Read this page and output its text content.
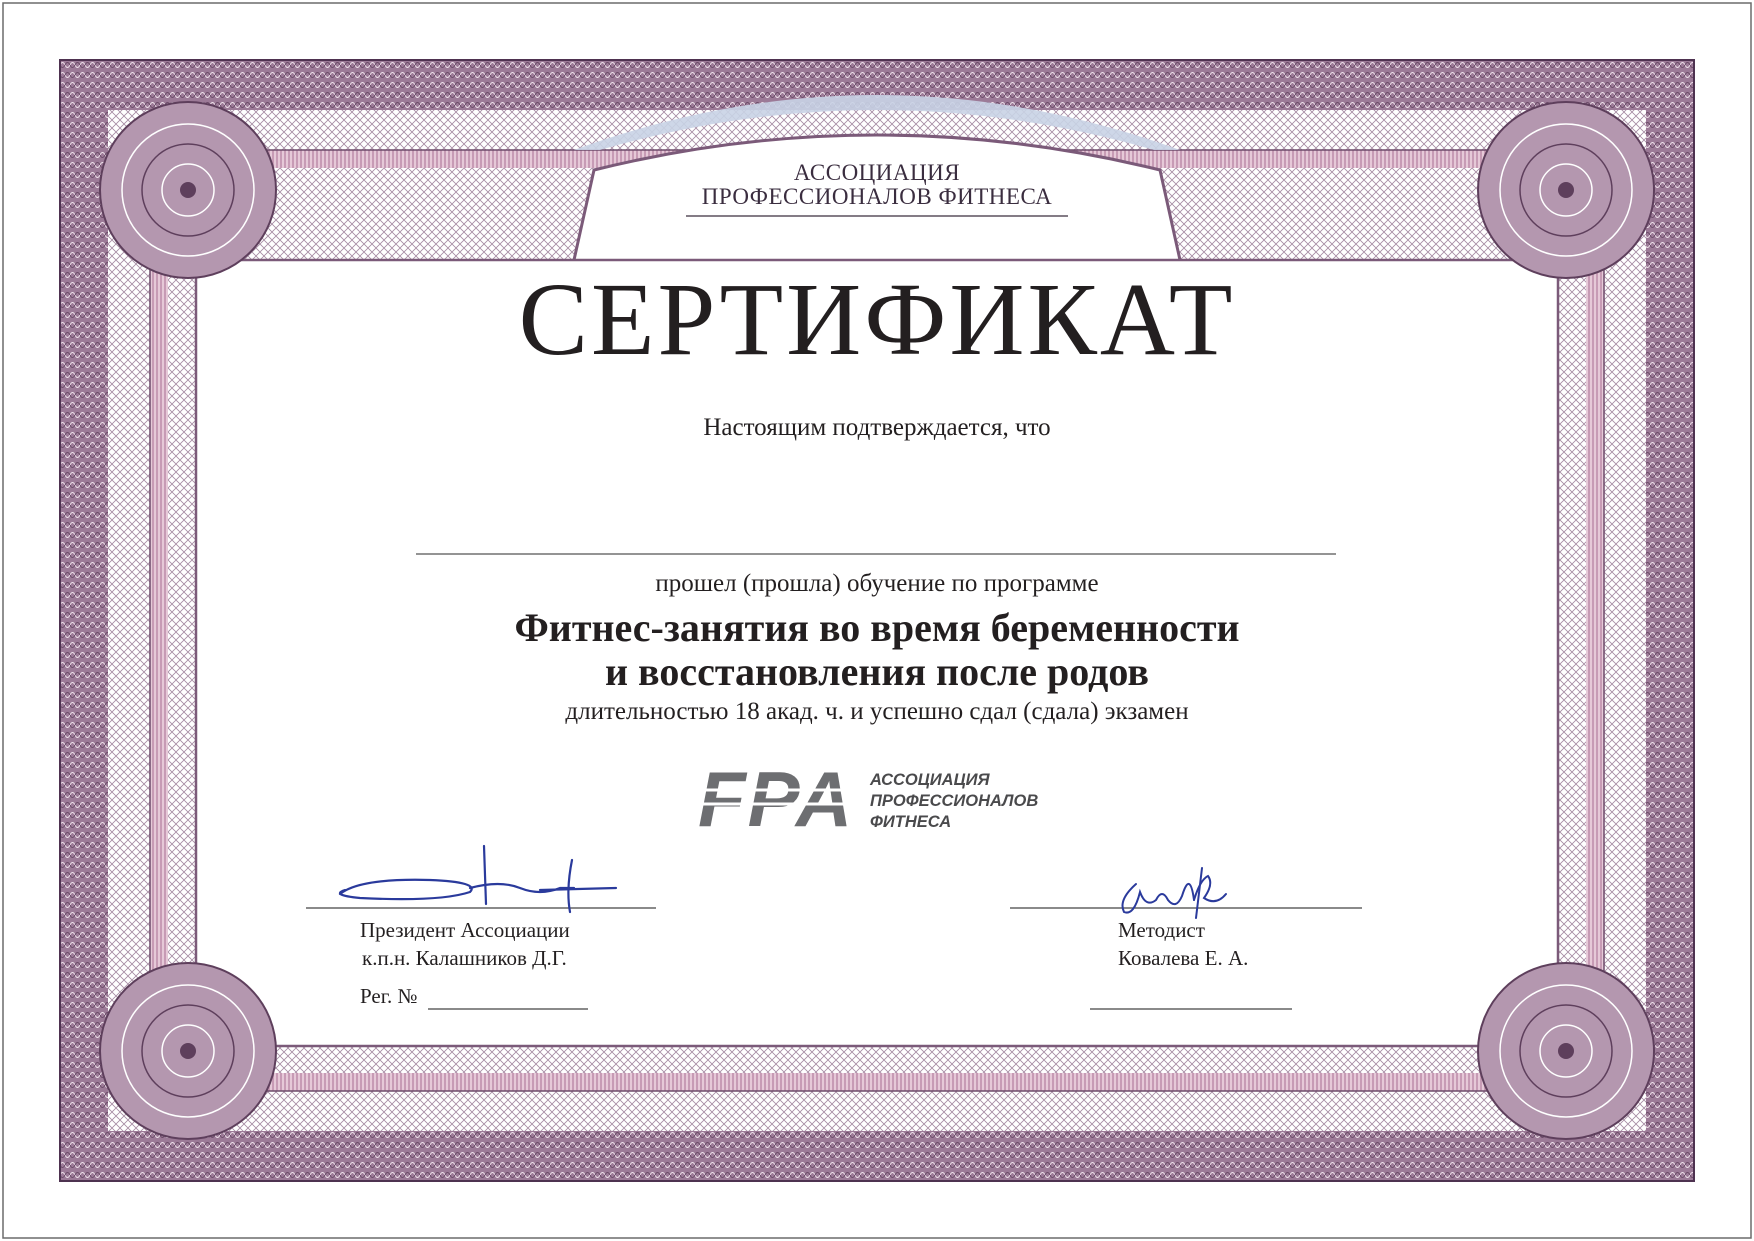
FPA
АССОЦИАЦИЯ
ПРОФЕССИОНАЛОВ ФИТНЕСА
СЕРТИФИКАТ
Настоящим подтверждается, что
прошел (прошла) обучение по программе
Фитнес-занятия во время беременности
и восстановления после родов
длительностью 18 акад. ч. и успешно сдал (сдала) экзамен
АССОЦИАЦИЯ
ПРОФЕССИОНАЛОВ
ФИТНЕСА
Президент Ассоциации
к.п.н. Калашников Д.Г.
Рег. №
Методист
Ковалева Е. А.
